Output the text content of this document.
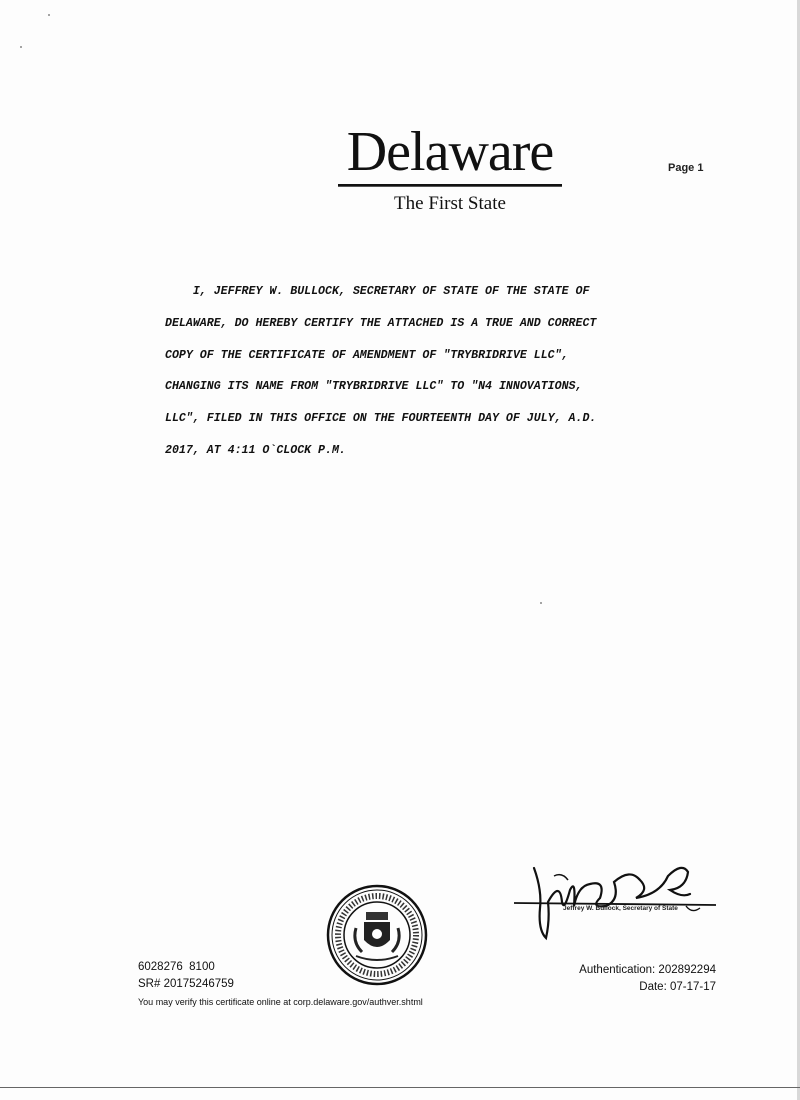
Delaware
The First State
Page 1
I, JEFFREY W. BULLOCK, SECRETARY OF STATE OF THE STATE OF
DELAWARE, DO HEREBY CERTIFY THE ATTACHED IS A TRUE AND CORRECT
COPY OF THE CERTIFICATE OF AMENDMENT OF "TRYBRIDRIVE LLC",
CHANGING ITS NAME FROM "TRYBRIDRIVE LLC" TO "N4 INNOVATIONS,
LLC", FILED IN THIS OFFICE ON THE FOURTEENTH DAY OF JULY, A.D.
2017, AT 4:11 O`CLOCK P.M.
Jeffrey W. Bullock, Secretary of State
6028276  8100
SR# 20175246759
You may verify this certificate online at corp.delaware.gov/authver.shtml
Authentication: 202892294
Date: 07-17-17
